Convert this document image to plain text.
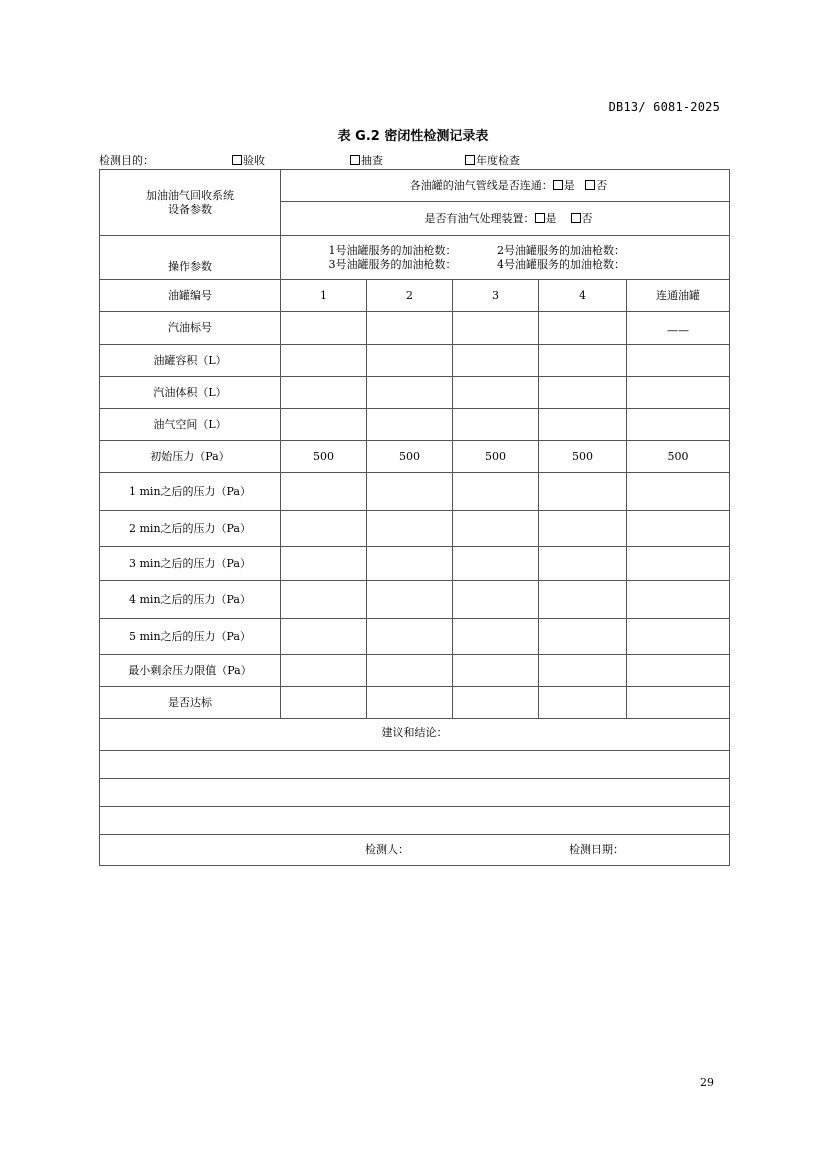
DB13/ 6081-2025
表 G.2 密闭性检测记录表
检测目的：	验收	抽查	年度检查
加油油气回收系统
设备参数	各油罐的油气管线是否连通： 是 否				
	是否有油气处理装置： 是 否				
操作参数	1号油罐服务的加油枪数： 2号油罐服务的加油枪数：
3号油罐服务的加油枪数： 4号油罐服务的加油枪数：				

油罐编号	1	2	3	4	连通油罐
汽油标号					——
油罐容积（L）					
汽油体积（L）					
油气空间（L）					
初始压力（Pa）	500	500	500	500	500
1 min之后的压力（Pa）					
2 min之后的压力（Pa）					
3 min之后的压力（Pa）					
4 min之后的压力（Pa）					
5 min之后的压力（Pa）					
最小剩余压力限值（Pa）					
是否达标					
建议和结论：					

检测人： 检测日期：					
29
